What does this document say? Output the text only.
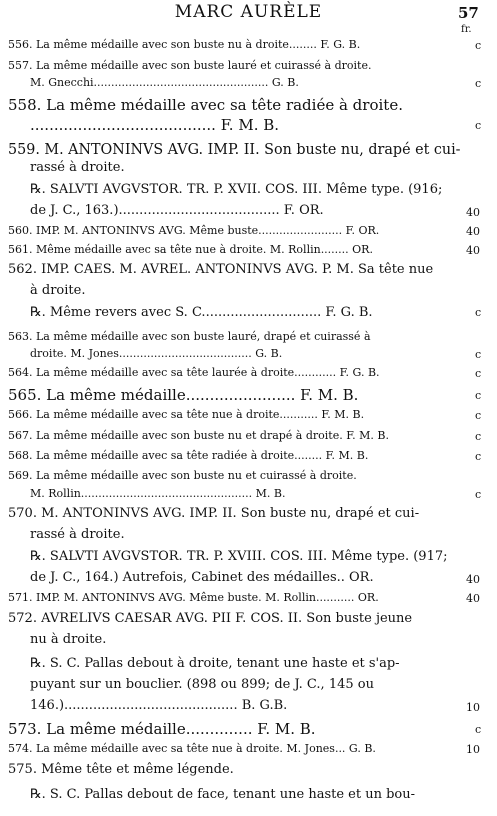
MARC AURÈLE	57
fr.
556. La même médaille avec son buste nu à droite........ F. G. B.	c
557. La même médaille avec son buste lauré et cuirassé à droite.
M. Gnecchi.................................................. G. B.	c
558. La même médaille avec sa tête radiée à droite.
....................................... F. M. B.	c
559. M. ANTONINVS AVG. IMP. II. Son buste nu, drapé et cui-
rassé à droite.
℞. SALVTI AVGVSTOR. TR. P. XVII. COS. III. Même type. (916;
de J. C., 163.)....................................... F. OR.	40
560. IMP. M. ANTONINVS AVG. Même buste........................ F. OR.	40
561. Même médaille avec sa tête nue à droite. M. Rollin........ OR.	40
562. IMP. CAES. M. AVREL. ANTONINVS AVG. P. M. Sa tête nue
à droite.
℞. Même revers avec S. C............................. F. G. B.	c
563. La même médaille avec son buste lauré, drapé et cuirassé à
droite. M. Jones...................................... G. B.	c
564. La même médaille avec sa tête laurée à droite............ F. G. B.	c
565. La même médaille....................... F. M. B.	c
566. La même médaille avec sa tête nue à droite........... F. M. B.	c
567. La même médaille avec son buste nu et drapé à droite. F. M. B.	c
568. La même médaille avec sa tête radiée à droite........ F. M. B.	c
569. La même médaille avec son buste nu et cuirassé à droite.
M. Rollin................................................. M. B.	c
570. M. ANTONINVS AVG. IMP. II. Son buste nu, drapé et cui-
rassé à droite.
℞. SALVTI AVGVSTOR. TR. P. XVIII. COS. III. Même type. (917;
de J. C., 164.) Autrefois, Cabinet des médailles.. OR.	40
571. IMP. M. ANTONINVS AVG. Même buste. M. Rollin........... OR.	40
572. AVRELIVS CAESAR AVG. PII F. COS. II. Son buste jeune
nu à droite.
℞. S. C. Pallas debout à droite, tenant une haste et s'ap-
puyant sur un bouclier. (898 ou 899; de J. C., 145 ou
146.).......................................... B. G.B.	10
573. La même médaille.............. F. M. B.	c
574. La même médaille avec sa tête nue à droite. M. Jones... G. B.	10
575. Même tête et même légende.
℞. S. C. Pallas debout de face, tenant une haste et un bou-
